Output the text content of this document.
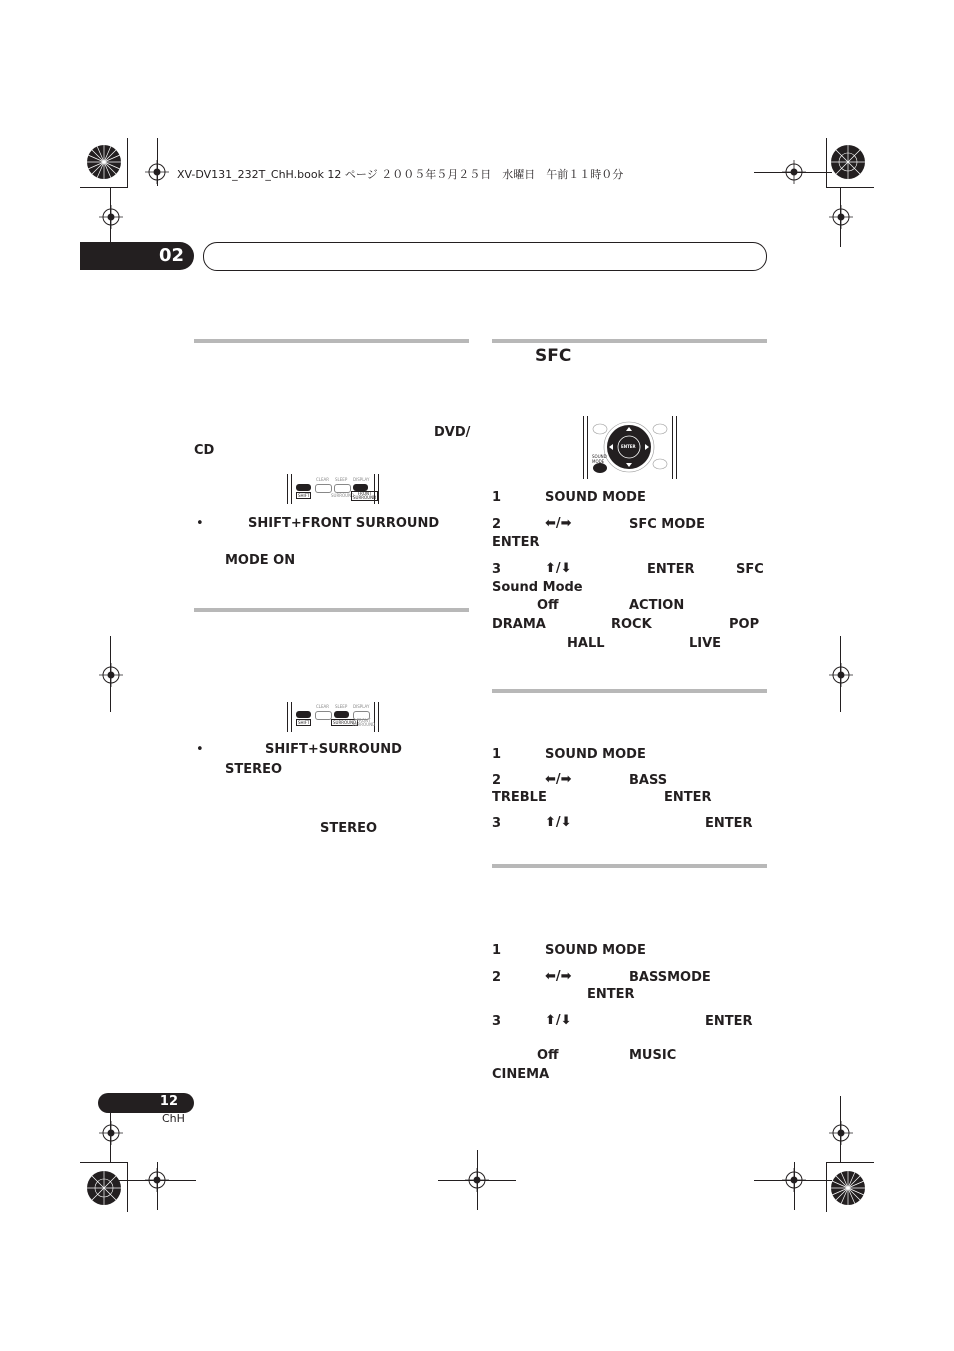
XV-DV131_232T_ChH.book 12 ページ ２００５年５月２５日　水曜日　午前１１時０分
02
DVD/
CD
SHIFT
CLEAR SLEEP
SURROUND
DISPLAY
FRONT
SURROUND
•	SHIFT+FRONT SURROUND
MODE ON
SHIFT
CLEAR SLEEP
SURROUND
DISPLAY
FRONT
SURROUND
•	SHIFT+SURROUND
STEREO
STEREO
SFC
ENTER
SOUND
MODE
1	SOUND MODE
2	⬅/➡	SFC MODE
ENTER
3	⬆/⬇	ENTER	SFC
Sound Mode
Off	ACTION
DRAMA	ROCK	POP
HALL	LIVE
1	SOUND MODE
2	⬅/➡	BASS
TREBLE	ENTER
3	⬆/⬇	ENTER
1	SOUND MODE
2	⬅/➡	BASSMODE
ENTER
3	⬆/⬇	ENTER
Off	MUSIC
CINEMA
12
ChH
